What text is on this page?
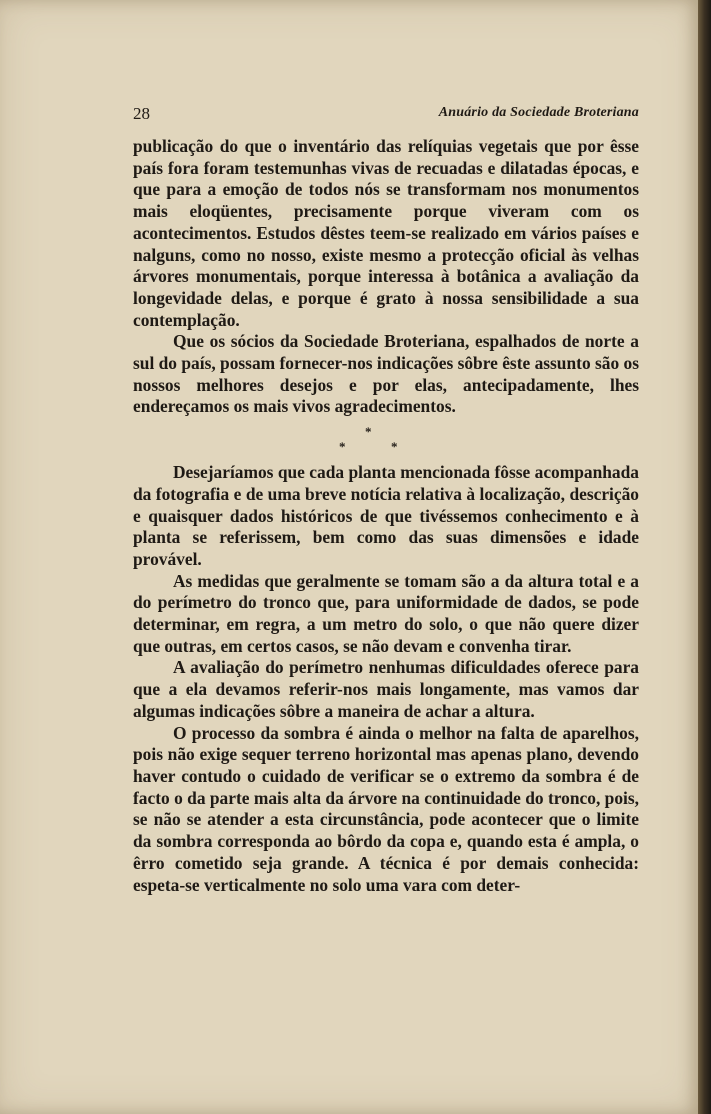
28	Anuário da Sociedade Broteriana

publicação do que o inventário das relíquias vegetais que por êsse país fora foram testemunhas vivas de recuadas e dilatadas épocas, e que para a emoção de todos nós se transformam nos monumentos mais eloqüentes, precisamente porque viveram com os acontecimentos. Estudos dêstes teem-se realizado em vários países e nalguns, como no nosso, existe mesmo a protecção oficial às velhas árvores monumentais, porque interessa à botânica a avaliação da longevidade delas, e porque é grato à nossa sensibilidade a sua contemplação.

Que os sócios da Sociedade Broteriana, espalhados de norte a sul do país, possam fornecer-nos indicações sôbre êste assunto são os nossos melhores desejos e por elas, antecipadamente, lhes endereçamos os mais vivos agradecimentos.

*
*	*

Desejaríamos que cada planta mencionada fôsse acompanhada da fotografia e de uma breve notícia relativa à localização, descrição e quaisquer dados históricos de que tivéssemos conhecimento e à planta se referissem, bem como das suas dimensões e idade provável.

As medidas que geralmente se tomam são a da altura total e a do perímetro do tronco que, para uniformidade de dados, se pode determinar, em regra, a um metro do solo, o que não quere dizer que outras, em certos casos, se não devam e convenha tirar.

A avaliação do perímetro nenhumas dificuldades oferece para que a ela devamos referir-nos mais longamente, mas vamos dar algumas indicações sôbre a maneira de achar a altura.

O processo da sombra é ainda o melhor na falta de aparelhos, pois não exige sequer terreno horizontal mas apenas plano, devendo haver contudo o cuidado de verificar se o extremo da sombra é de facto o da parte mais alta da árvore na continuidade do tronco, pois, se não se atender a esta circunstância, pode acontecer que o limite da sombra corresponda ao bôrdo da copa e, quando esta é ampla, o êrro cometido seja grande. A técnica é por demais conhecida: espeta-se verticalmente no solo uma vara com deter-
